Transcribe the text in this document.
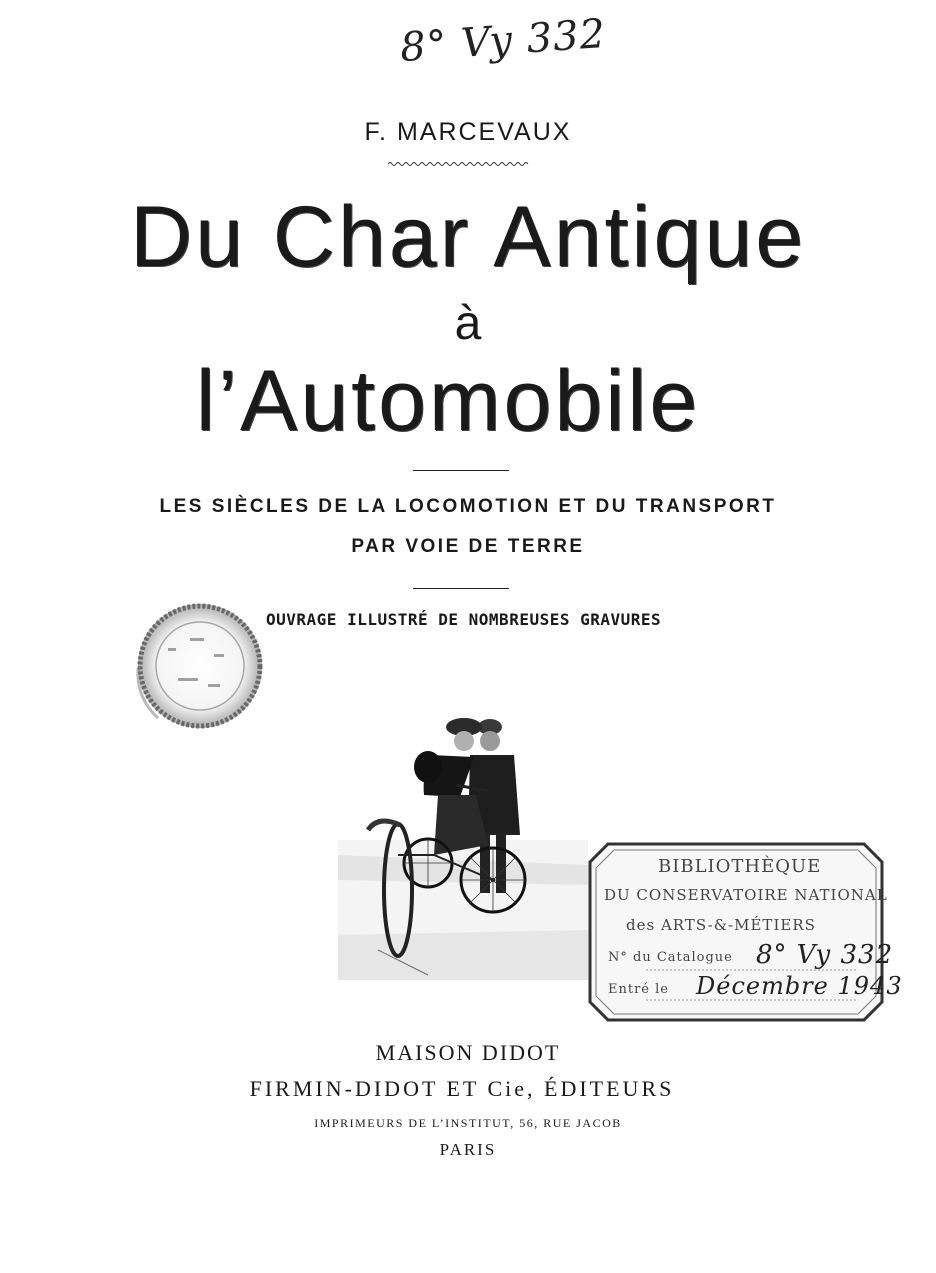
8° Vy 332
F. MARCEVAUX
Du Char Antique
à
l’Automobile
LES SIÈCLES DE LA LOCOMOTION ET DU TRANSPORT
PAR VOIE DE TERRE
OUVRAGE ILLUSTRÉ DE NOMBREUSES GRAVURES
BIBLIOTHÈQUE
DU CONSERVATOIRE NATIONAL
des ARTS-&-MÉTIERS
N° du Catalogue 8° Vy 332
Entré le Décembre 1943
MAISON DIDOT
FIRMIN-DIDOT ET Cie, ÉDITEURS
IMPRIMEURS DE L’INSTITUT, 56, RUE JACOB
PARIS
